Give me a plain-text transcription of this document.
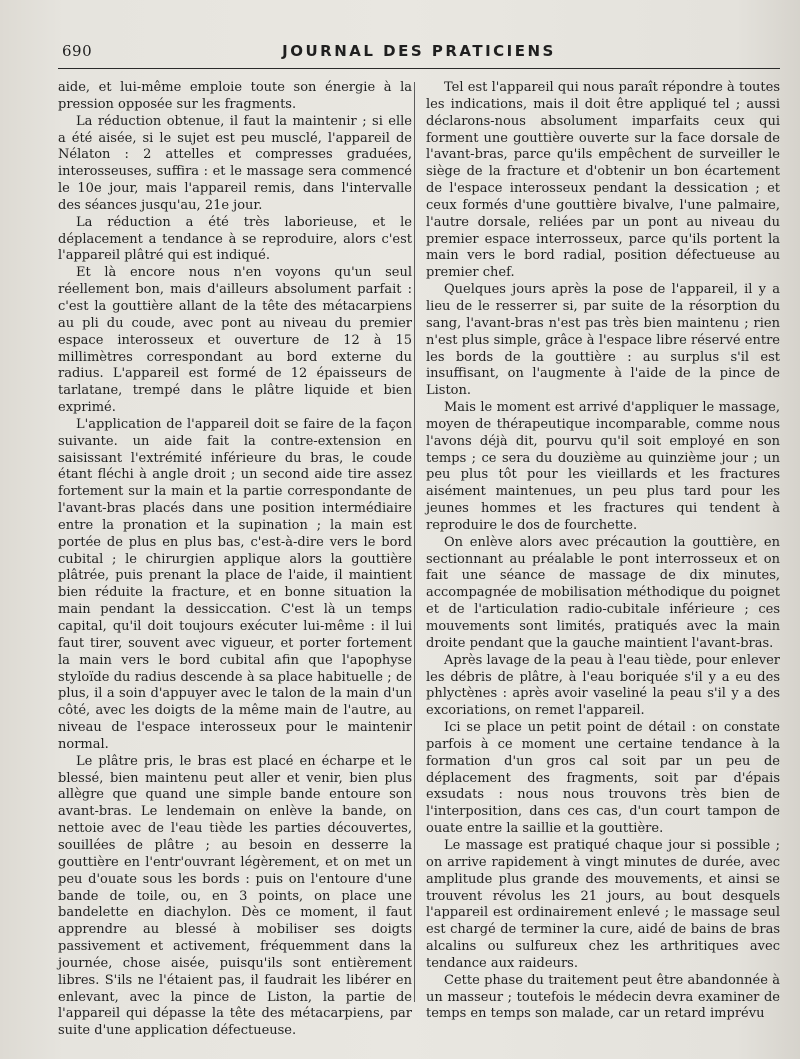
690	JOURNAL DES PRATICIENS

aide, et lui-même emploie toute son énergie à la pression opposée sur les fragments.

La réduction obtenue, il faut la maintenir ; si elle a été aisée, si le sujet est peu musclé, l'appareil de Nélaton : 2 attelles et compresses graduées, interosseuses, suffira : et le massage sera commencé le 10e jour, mais l'appareil remis, dans l'intervalle des séances jusqu'au, 21e jour.

La réduction a été très laborieuse, et le déplacement a tendance à se reproduire, alors c'est l'appareil plâtré qui est indiqué.

Et là encore nous n'en voyons qu'un seul réellement bon, mais d'ailleurs absolument parfait : c'est la gouttière allant de la tête des métacarpiens au pli du coude, avec pont au niveau du premier espace interosseux et ouverture de 12 à 15 millimètres correspondant au bord externe du radius. L'appareil est formé de 12 épaisseurs de tarlatane, trempé dans le plâtre liquide et bien exprimé.

L'application de l'appareil doit se faire de la façon suivante. un aide fait la contre-extension en saisissant l'extrémité inférieure du bras, le coude étant fléchi à angle droit ; un second aide tire assez fortement sur la main et la partie correspondante de l'avant-bras placés dans une position intermédiaire entre la pronation et la supination ; la main est portée de plus en plus bas, c'est-à-dire vers le bord cubital ; le chirurgien applique alors la gouttière plâtrée, puis prenant la place de l'aide, il maintient bien réduite la fracture, et en bonne situation la main pendant la dessiccation. C'est là un temps capital, qu'il doit toujours exécuter lui-même : il lui faut tirer, souvent avec vigueur, et porter fortement la main vers le bord cubital afin que l'apophyse styloïde du radius descende à sa place habituelle ; de plus, il a soin d'appuyer avec le talon de la main d'un côté, avec les doigts de la même main de l'autre, au niveau de l'espace interosseux pour le maintenir normal.

Le plâtre pris, le bras est placé en écharpe et le blessé, bien maintenu peut aller et venir, bien plus allègre que quand une simple bande entoure son avant-bras. Le lendemain on enlève la bande, on nettoie avec de l'eau tiède les parties découvertes, souillées de plâtre ; au besoin en desserre la gouttière en l'entr'ouvrant légèrement, et on met un peu d'ouate sous les bords : puis on l'entoure d'une bande de toile, ou, en 3 points, on place une bandelette en diachylon. Dès ce moment, il faut apprendre au blessé à mobiliser ses doigts passivement et activement, fréquemment dans la journée, chose aisée, puisqu'ils sont entièrement libres. S'ils ne l'étaient pas, il faudrait les libérer en enlevant, avec la pince de Liston, la partie de l'appareil qui dépasse la tête des métacarpiens, par suite d'une application défectueuse.

Tel est l'appareil qui nous paraît répondre à toutes les indications, mais il doit être appliqué tel ; aussi déclarons-nous absolument imparfaits ceux qui forment une gouttière ouverte sur la face dorsale de l'avant-bras, parce qu'ils empêchent de surveiller le siège de la fracture et d'obtenir un bon écartement de l'espace interosseux pendant la dessication ; et ceux formés d'une gouttière bivalve, l'une palmaire, l'autre dorsale, reliées par un pont au niveau du premier espace interrosseux, parce qu'ils portent la main vers le bord radial, position défectueuse au premier chef.

Quelques jours après la pose de l'appareil, il y a lieu de le resserrer si, par suite de la résorption du sang, l'avant-bras n'est pas très bien maintenu ; rien n'est plus simple, grâce à l'espace libre réservé entre les bords de la gouttière : au surplus s'il est insuffisant, on l'augmente à l'aide de la pince de Liston.

Mais le moment est arrivé d'appliquer le massage, moyen de thérapeutique incomparable, comme nous l'avons déjà dit, pourvu qu'il soit employé en son temps ; ce sera du douzième au quinzième jour ; un peu plus tôt pour les vieillards et les fractures aisément maintenues, un peu plus tard pour les jeunes hommes et les fractures qui tendent à reproduire le dos de fourchette.

On enlève alors avec précaution la gouttière, en sectionnant au préalable le pont interrosseux et on fait une séance de massage de dix minutes, accompagnée de mobilisation méthodique du poignet et de l'articulation radio-cubitale inférieure ; ces mouvements sont limités, pratiqués avec la main droite pendant que la gauche maintient l'avant-bras.

Après lavage de la peau à l'eau tiède, pour enlever les débris de plâtre, à l'eau boriquée s'il y a eu des phlyctènes : après avoir vaseliné la peau s'il y a des excoriations, on remet l'appareil.

Ici se place un petit point de détail : on constate parfois à ce moment une certaine tendance à la formation d'un gros cal soit par un peu de déplacement des fragments, soit par d'épais exsudats : nous nous trouvons très bien de l'interposition, dans ces cas, d'un court tampon de ouate entre la saillie et la gouttière.

Le massage est pratiqué chaque jour si possible ; on arrive rapidement à vingt minutes de durée, avec amplitude plus grande des mouvements, et ainsi se trouvent révolus les 21 jours, au bout desquels l'appareil est ordinairement enlevé ; le massage seul est chargé de terminer la cure, aidé de bains de bras alcalins ou sulfureux chez les arthritiques avec tendance aux raideurs.

Cette phase du traitement peut être abandonnée à un masseur ; toutefois le médecin devra examiner de temps en temps son malade, car un retard imprévu
